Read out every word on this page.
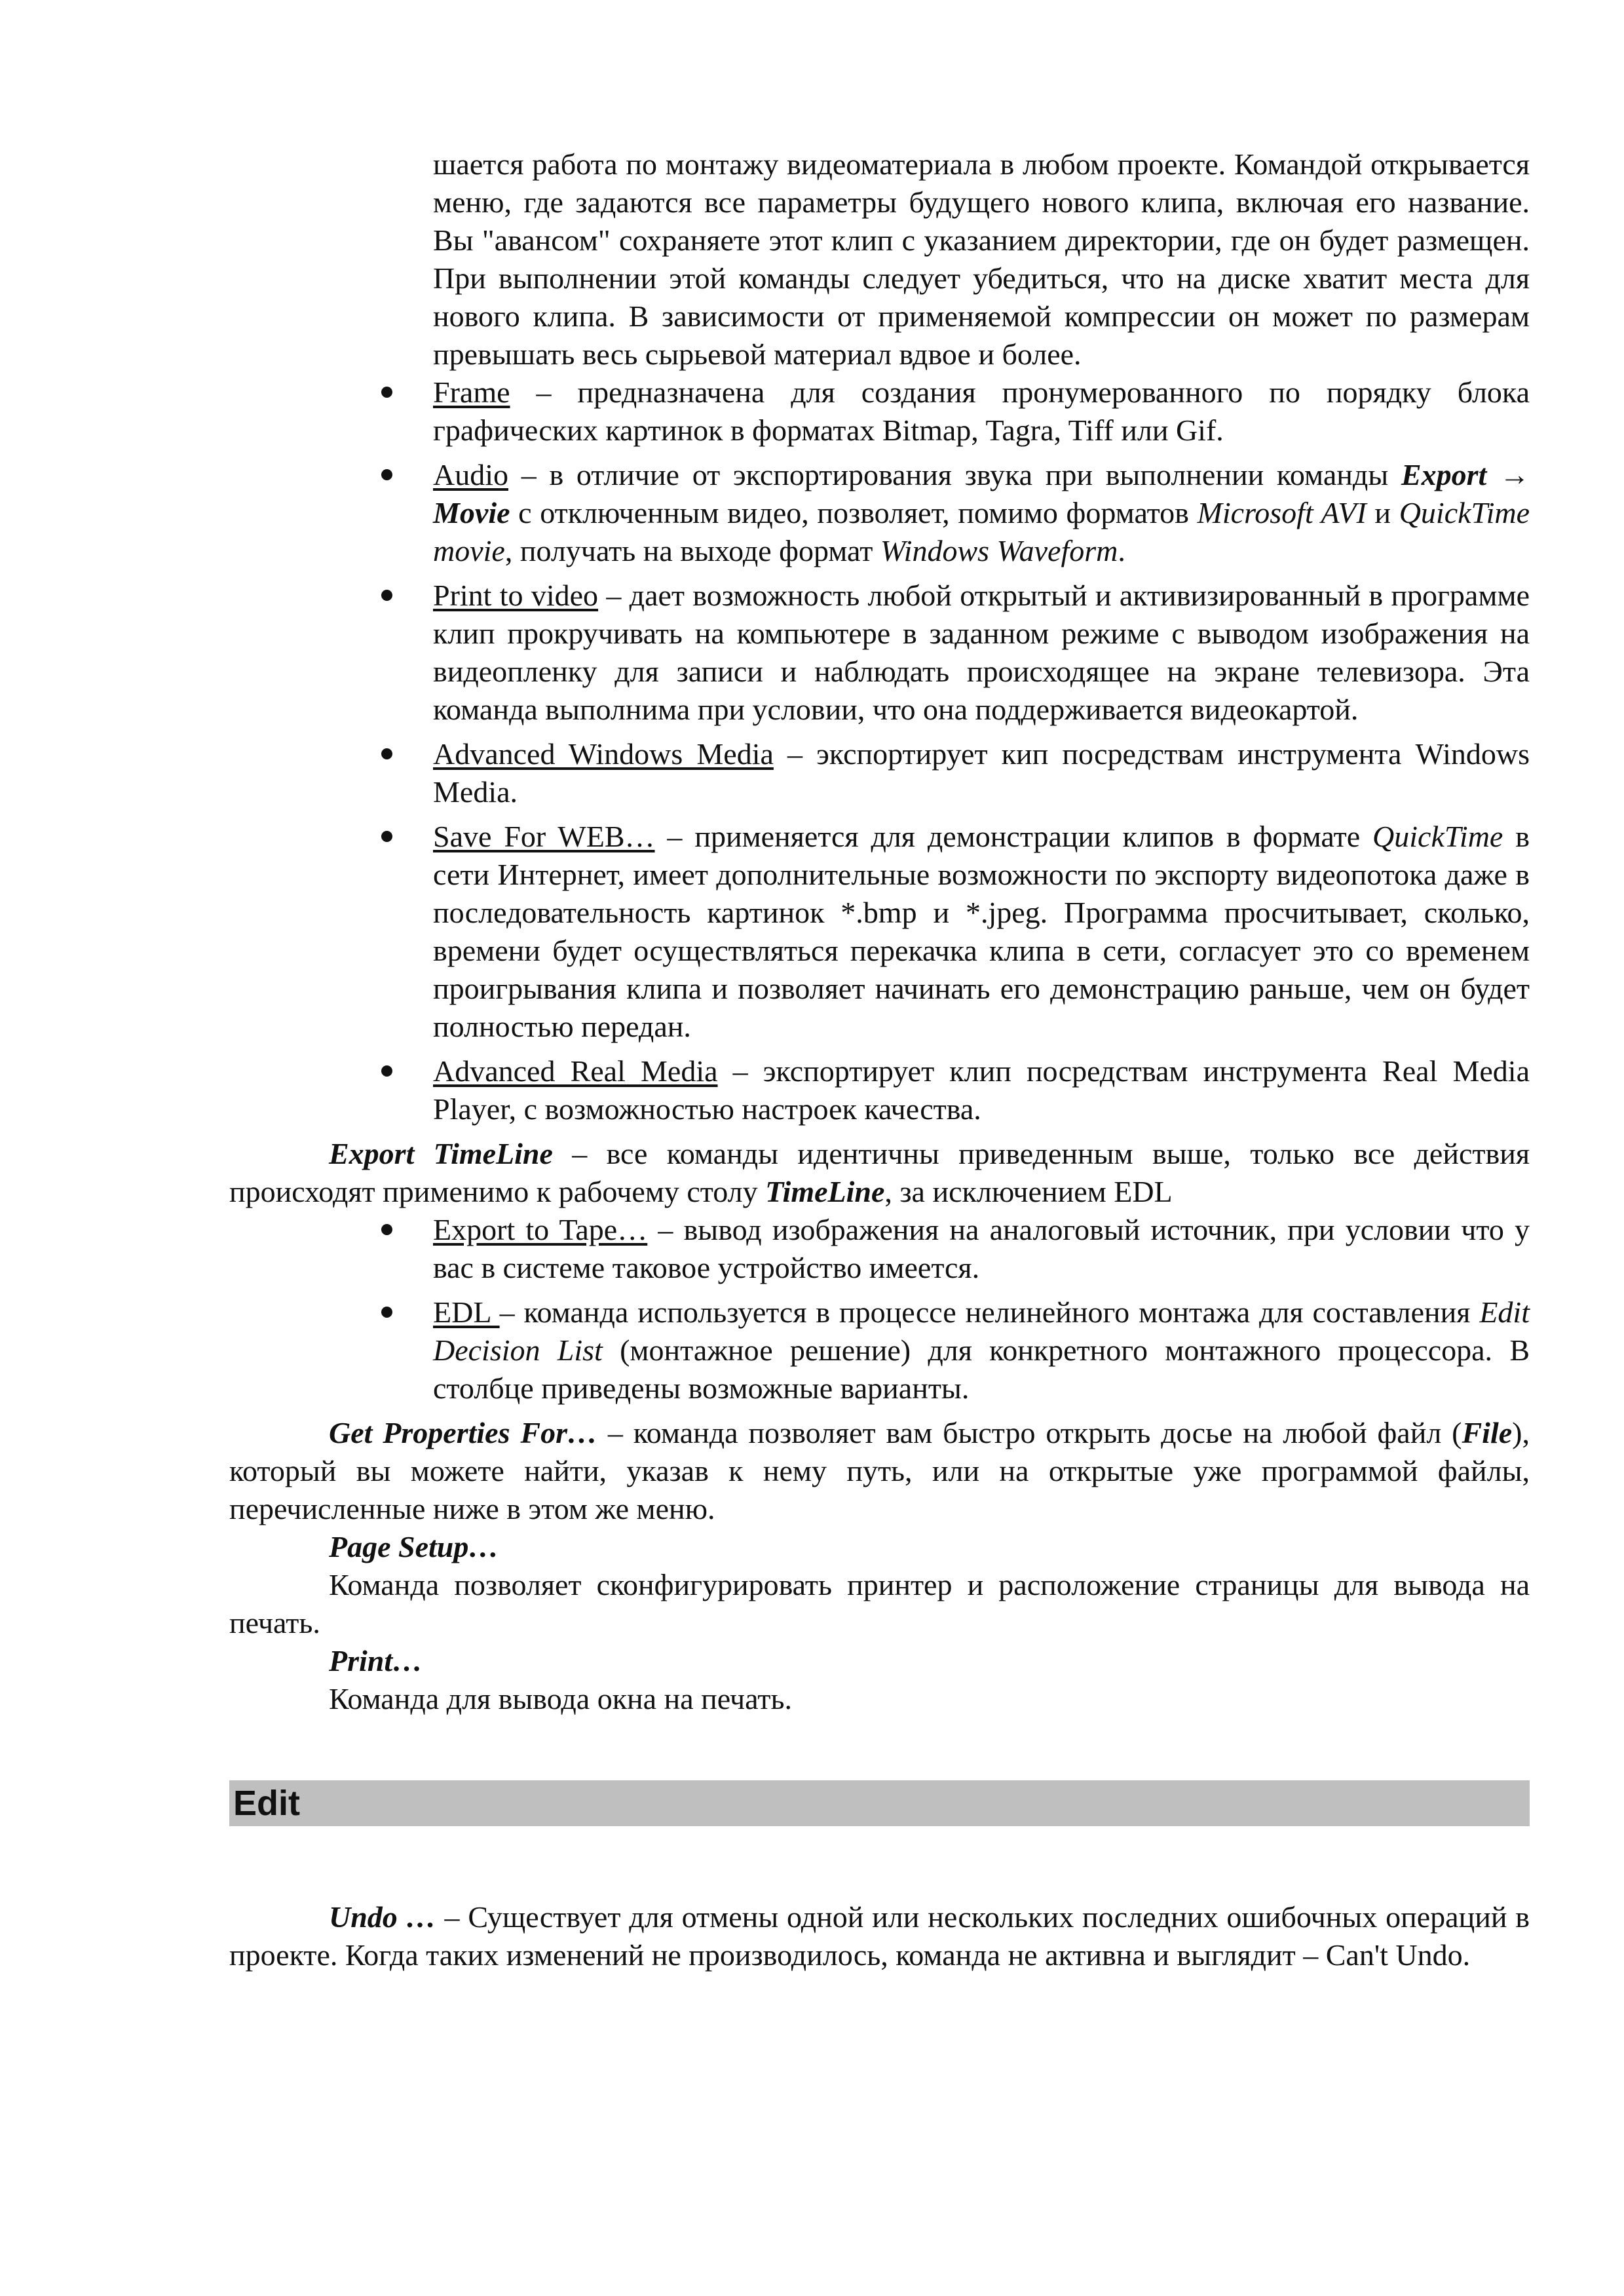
шается работа по монтажу видеоматериала в любом проекте. Командой открывается меню, где задаются все параметры будущего нового клипа, включая его название. Вы "авансом" сохраняете этот клип с указанием директории, где он будет размещен. При выполнении этой команды следует убедиться, что на диске хватит места для нового клипа. В зависимости от применяемой компрессии он может по размерам превышать весь сырьевой материал вдвое и более.

Frame – предназначена для создания пронумерованного по порядку блока графических картинок в форматах Bitmap, Tagra, Tiff или Gif.
Audio – в отличие от экспортирования звука при выполнении команды Export → Movie с отключенным видео, позволяет, помимо форматов Microsoft AVI и QuickTime movie, получать на выходе формат Windows Waveform.
Print to video – дает возможность любой открытый и активизированный в программе клип прокручивать на компьютере в заданном режиме с выводом изображения на видеопленку для записи и наблюдать происходящее на экране телевизора. Эта команда выполнима при условии, что она поддерживается видеокартой.
Advanced Windows Media – экспортирует кип посредствам инструмента Windows Media.
Save For WEB… – применяется для демонстрации клипов в формате QuickTime в сети Интернет, имеет дополнительные возможности по экспорту видеопотока даже в последовательность картинок *.bmp и *.jpeg. Программа просчитывает, сколько, времени будет осуществляться перекачка клипа в сети, согласует это со временем проигрывания клипа и позволяет начинать его демонстрацию раньше, чем он будет полностью передан.
Advanced Real Media – экспортирует клип посредствам инструмента Real Media Player, с возможностью настроек качества.

Export TimeLine – все команды идентичны приведенным выше, только все действия происходят применимо к рабочему столу TimeLine, за исключением EDL

Export to Tape… – вывод изображения на аналоговый источник, при условии что у вас в системе таковое устройство имеется.
EDL – команда используется в процессе нелинейного монтажа для составления Edit Decision List (монтажное решение) для конкретного монтажного процессора. В столбце приведены возможные варианты.

Get Properties For… – команда позволяет вам быстро открыть досье на любой файл (File), который вы можете найти, указав к нему путь, или на открытые уже программой файлы, перечисленные ниже в этом же меню.

Page Setup…

Команда позволяет сконфигурировать принтер и расположение страницы для вывода на печать.

Print…

Команда для вывода окна на печать.

Edit

Undo … – Существует для отмены одной или нескольких последних ошибочных операций в проекте. Когда таких изменений не производилось, команда не активна и выглядит – Can't Undo.
